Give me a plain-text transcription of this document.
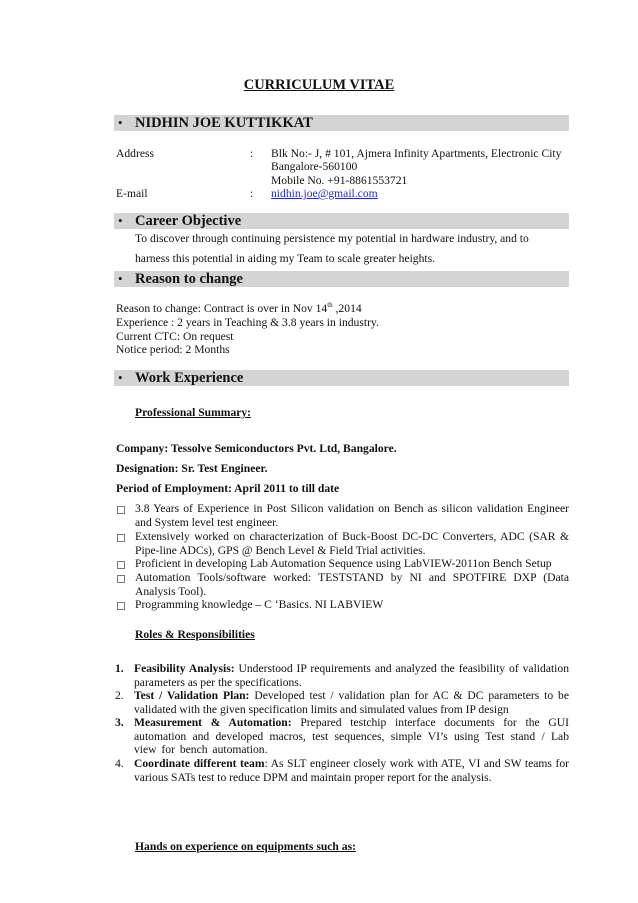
CURRICULUM VITAE
• NIDHIN JOE KUTTIKKAT
Address	: Blk No:- J, # 101, Ajmera Infinity Apartments, Electronic City
Bangalore-560100
Mobile No. +91-8861553721
E-mail	: nidhin.joe@gmail.com
• Career Objective
To discover through continuing persistence my potential in hardware industry, and to
harness this potential in aiding my Team to scale greater heights.
• Reason to change
Reason to change: Contract is over in Nov 14th ,2014
Experience : 2 years in Teaching & 3.8 years in industry.
Current CTC: On request
Notice period: 2 Months
• Work Experience
Professional Summary:
Company: Tessolve Semiconductors Pvt. Ltd, Bangalore.
Designation: Sr. Test Engineer.
Period of Employment: April 2011 to till date
3.8 Years of Experience in Post Silicon validation on Bench as silicon validation Engineer and System level test engineer.
Extensively worked on characterization of Buck-Boost DC-DC Converters, ADC (SAR & Pipe-line ADCs), GPS @ Bench Level & Field Trial activities.
Proficient in developing Lab Automation Sequence using LabVIEW-2011on Bench Setup
Automation Tools/software worked: TESTSTAND by NI and SPOTFIRE DXP (Data Analysis Tool).
Programming knowledge – C ‘Basics. NI LABVIEW
Roles & Responsibilities
1. Feasibility Analysis: Understood IP requirements and analyzed the feasibility of validation parameters as per the specifications.
2. Test / Validation Plan: Developed test / validation plan for AC & DC parameters to be validated with the given specification limits and simulated values from IP design
3. Measurement & Automation: Prepared testchip interface documents for the GUI automation and developed macros, test sequences, simple VI’s using Test stand / Lab view for bench automation.
4. Coordinate different team: As SLT engineer closely work with ATE, VI and SW teams for various SATs test to reduce DPM and maintain proper report for the analysis.
Hands on experience on equipments such as:
